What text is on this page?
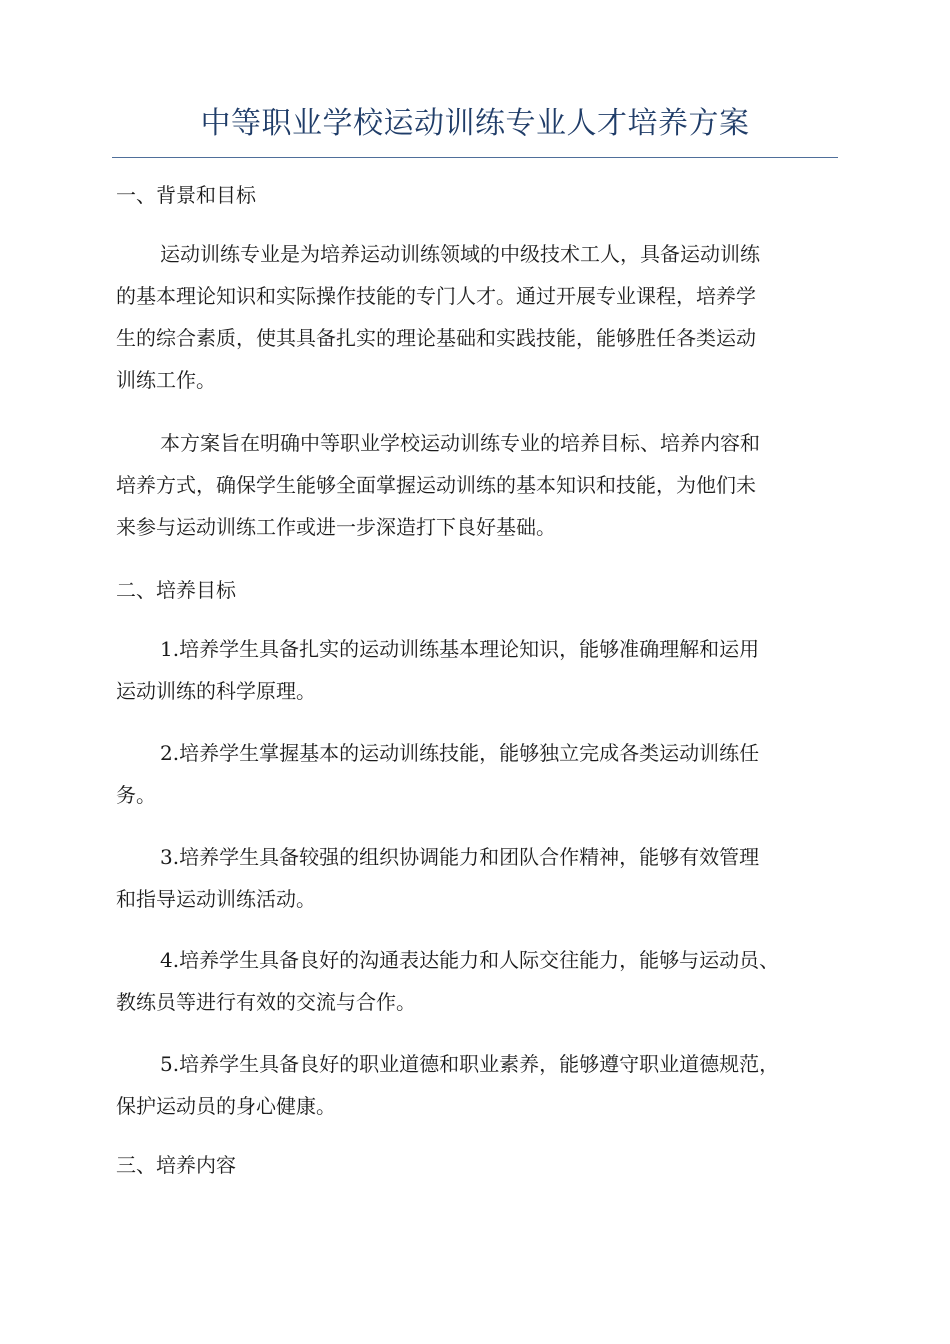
中等职业学校运动训练专业人才培养方案
一、背景和目标

运动训练专业是为培养运动训练领域的中级技术工人，具备运动训练
的基本理论知识和实际操作技能的专门人才。通过开展专业课程，培养学
生的综合素质，使其具备扎实的理论基础和实践技能，能够胜任各类运动
训练工作。

本方案旨在明确中等职业学校运动训练专业的培养目标、培养内容和
培养方式，确保学生能够全面掌握运动训练的基本知识和技能，为他们未
来参与运动训练工作或进一步深造打下良好基础。

二、培养目标

1.培养学生具备扎实的运动训练基本理论知识，能够准确理解和运用
运动训练的科学原理。

2.培养学生掌握基本的运动训练技能，能够独立完成各类运动训练任
务。

3.培养学生具备较强的组织协调能力和团队合作精神，能够有效管理
和指导运动训练活动。

4.培养学生具备良好的沟通表达能力和人际交往能力，能够与运动员、
教练员等进行有效的交流与合作。

5.培养学生具备良好的职业道德和职业素养，能够遵守职业道德规范，
保护运动员的身心健康。

三、培养内容
